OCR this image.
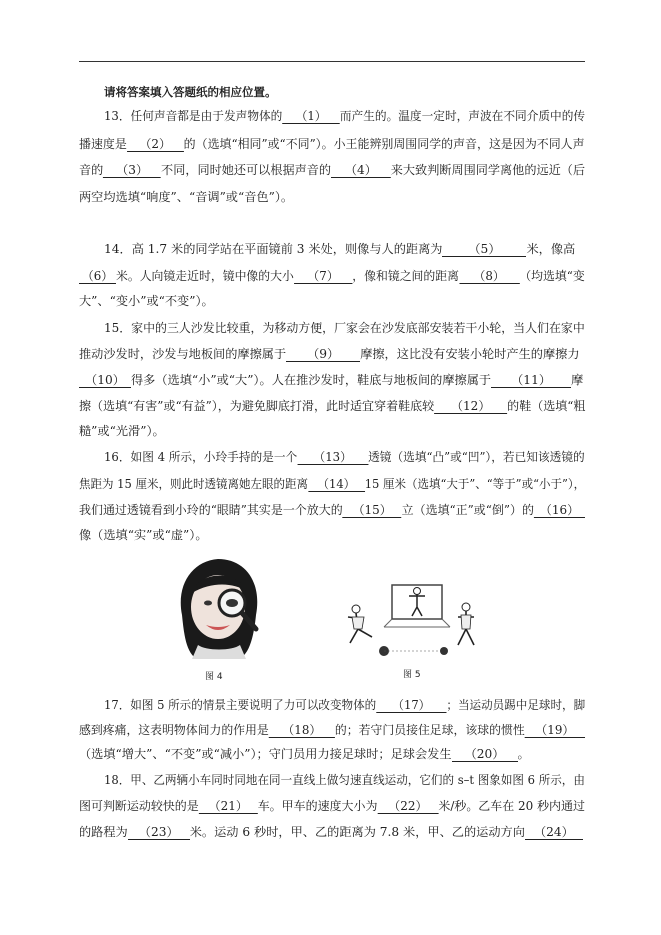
请将答案填入答题纸的相应位置。
13．任何声音都是由于发声物体的 （1） 而产生的。温度一定时，声波在不同介质中的传
播速度是 （2） 的（选填“相同”或“不同”）。小王能辨别周围同学的声音，这是因为不同人声
音的 （3） 不同，同时她还可以根据声音的 （4） 来大致判断周围同学离他的远近（后
两空均选填“响度”、“音调”或“音色”）。
14．高 1.7 米的同学站在平面镜前 3 米处，则像与人的距离为 （5） 米，像高
（6） 米。人向镜走近时，镜中像的大小 （7） ，像和镜之间的距离 （8） （均选填“变
大”、“变小”或“不变”）。
15．家中的三人沙发比较重，为移动方便，厂家会在沙发底部安装若干小轮，当人们在家中
推动沙发时，沙发与地板间的摩擦属于 （9） 摩擦，这比没有安装小轮时产生的摩擦力
（10） 得多（选填“小”或“大”）。人在推沙发时，鞋底与地板间的摩擦属于 （11） 摩
擦（选填“有害”或“有益”），为避免脚底打滑，此时适宜穿着鞋底较 （12） 的鞋（选填“粗
糙”或“光滑”）。
16．如图 4 所示，小玲手持的是一个 （13） 透镜（选填“凸”或“凹”），若已知该透镜的
焦距为 15 厘米，则此时透镜离她左眼的距离 （14） 15 厘米（选填“大于”、“等于”或“小于”），
我们通过透镜看到小玲的“眼睛”其实是一个放大的 （15） 立（选填“正”或“倒”）的 （16）
像（选填“实”或“虚”）。
图 4	图 5
17．如图 5 所示的情景主要说明了力可以改变物体的 （17） ；当运动员踢中足球时，脚
感到疼痛，这表明物体间力的作用是 （18） 的；若守门员接住足球，该球的惯性 （19）
（选填“增大”、“不变”或“减小”）；守门员用力接足球时；足球会发生 （20） 。
18．甲、乙两辆小车同时同地在同一直线上做匀速直线运动，它们的 s–t 图象如图 6 所示，由
图可判断运动较快的是 （21） 车。甲车的速度大小为 （22） 米/秒。乙车在 20 秒内通过
的路程为 （23） 米。运动 6 秒时，甲、乙的距离为 7.8 米，甲、乙的运动方向 （24）
